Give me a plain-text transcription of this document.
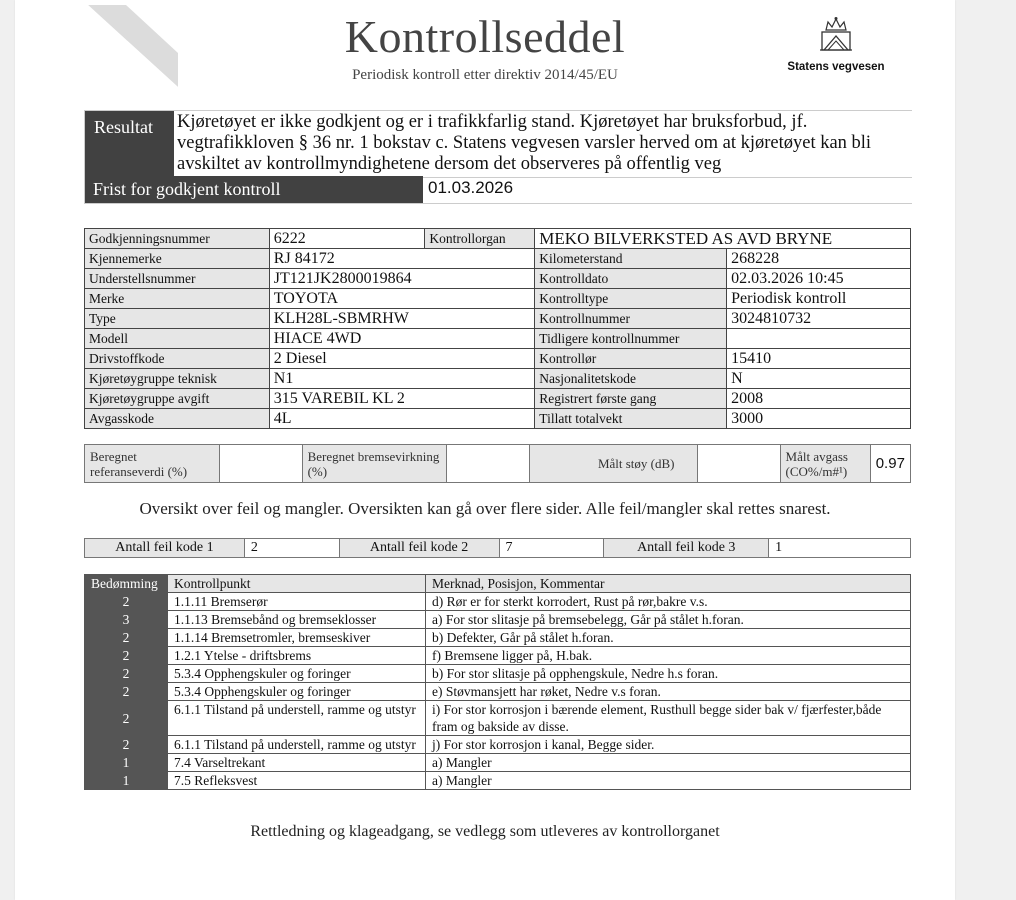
Kontrollseddel
Periodisk kontroll etter direktiv 2014/45/EU	Statens vegvesen
Resultat	Kjøretøyet er ikke godkjent og er i trafikkfarlig stand. Kjøretøyet har bruksforbud, jf. vegtrafikkloven § 36 nr. 1 bokstav c. Statens vegvesen varsler herved om at kjøretøyet kan bli avskiltet av kontrollmyndighetene dersom det observeres på offentlig veg
Frist for godkjent kontroll	01.03.2026
Godkjenningsnummer	6222	Kontrollorgan	MEKO BILVERKSTED AS AVD BRYNE	
Kjennemerke	RJ 84172		Kilometerstand	268228
Understellsnummer	JT121JK2800019864		Kontrolldato	02.03.2026 10:45
Merke	TOYOTA		Kontrolltype	Periodisk kontroll
Type	KLH28L-SBMRHW		Kontrollnummer	3024810732
Modell	HIACE 4WD		Tidligere kontrollnummer	
Drivstoffkode	2 Diesel		Kontrollør	15410
Kjøretøygruppe teknisk	N1		Nasjonalitetskode	N
Kjøretøygruppe avgift	315 VAREBIL KL 2		Registrert første gang	2008
Avgasskode	4L		Tillatt totalvekt	3000
Beregnet referanseverdi (%)		Beregnet bremsevirkning (%)		Målt støy (dB)		Målt avgass (CO%/m#¹)	0.97
Oversikt over feil og mangler. Oversikten kan gå over flere sider. Alle feil/mangler skal rettes snarest.
Antall feil kode 1	2	Antall feil kode 2	7	Antall feil kode 3	1
Bedømming	Kontrollpunkt	Merknad, Posisjon, Kommentar
2	1.1.11 Bremserør	d) Rør er for sterkt korrodert, Rust på rør,bakre v.s.
3	1.1.13 Bremsebånd og bremseklosser	a) For stor slitasje på bremsebelegg, Går på stålet h.foran.
2	1.1.14 Bremsetromler, bremseskiver	b) Defekter, Går på stålet h.foran.
2	1.2.1 Ytelse - driftsbrems	f) Bremsene ligger på, H.bak.
2	5.3.4 Opphengskuler og foringer	b) For stor slitasje på opphengskule, Nedre h.s foran.
2	5.3.4 Opphengskuler og foringer	e) Støvmansjett har røket, Nedre v.s foran.
2	6.1.1 Tilstand på understell, ramme og utstyr	i) For stor korrosjon i bærende element, Rusthull begge sider bak v/ fjærfester,både fram og bakside av disse.
2	6.1.1 Tilstand på understell, ramme og utstyr	j) For stor korrosjon i kanal, Begge sider.
1	7.4 Varseltrekant	a) Mangler
1	7.5 Refleksvest	a) Mangler
Rettledning og klageadgang, se vedlegg som utleveres av kontrollorganet
